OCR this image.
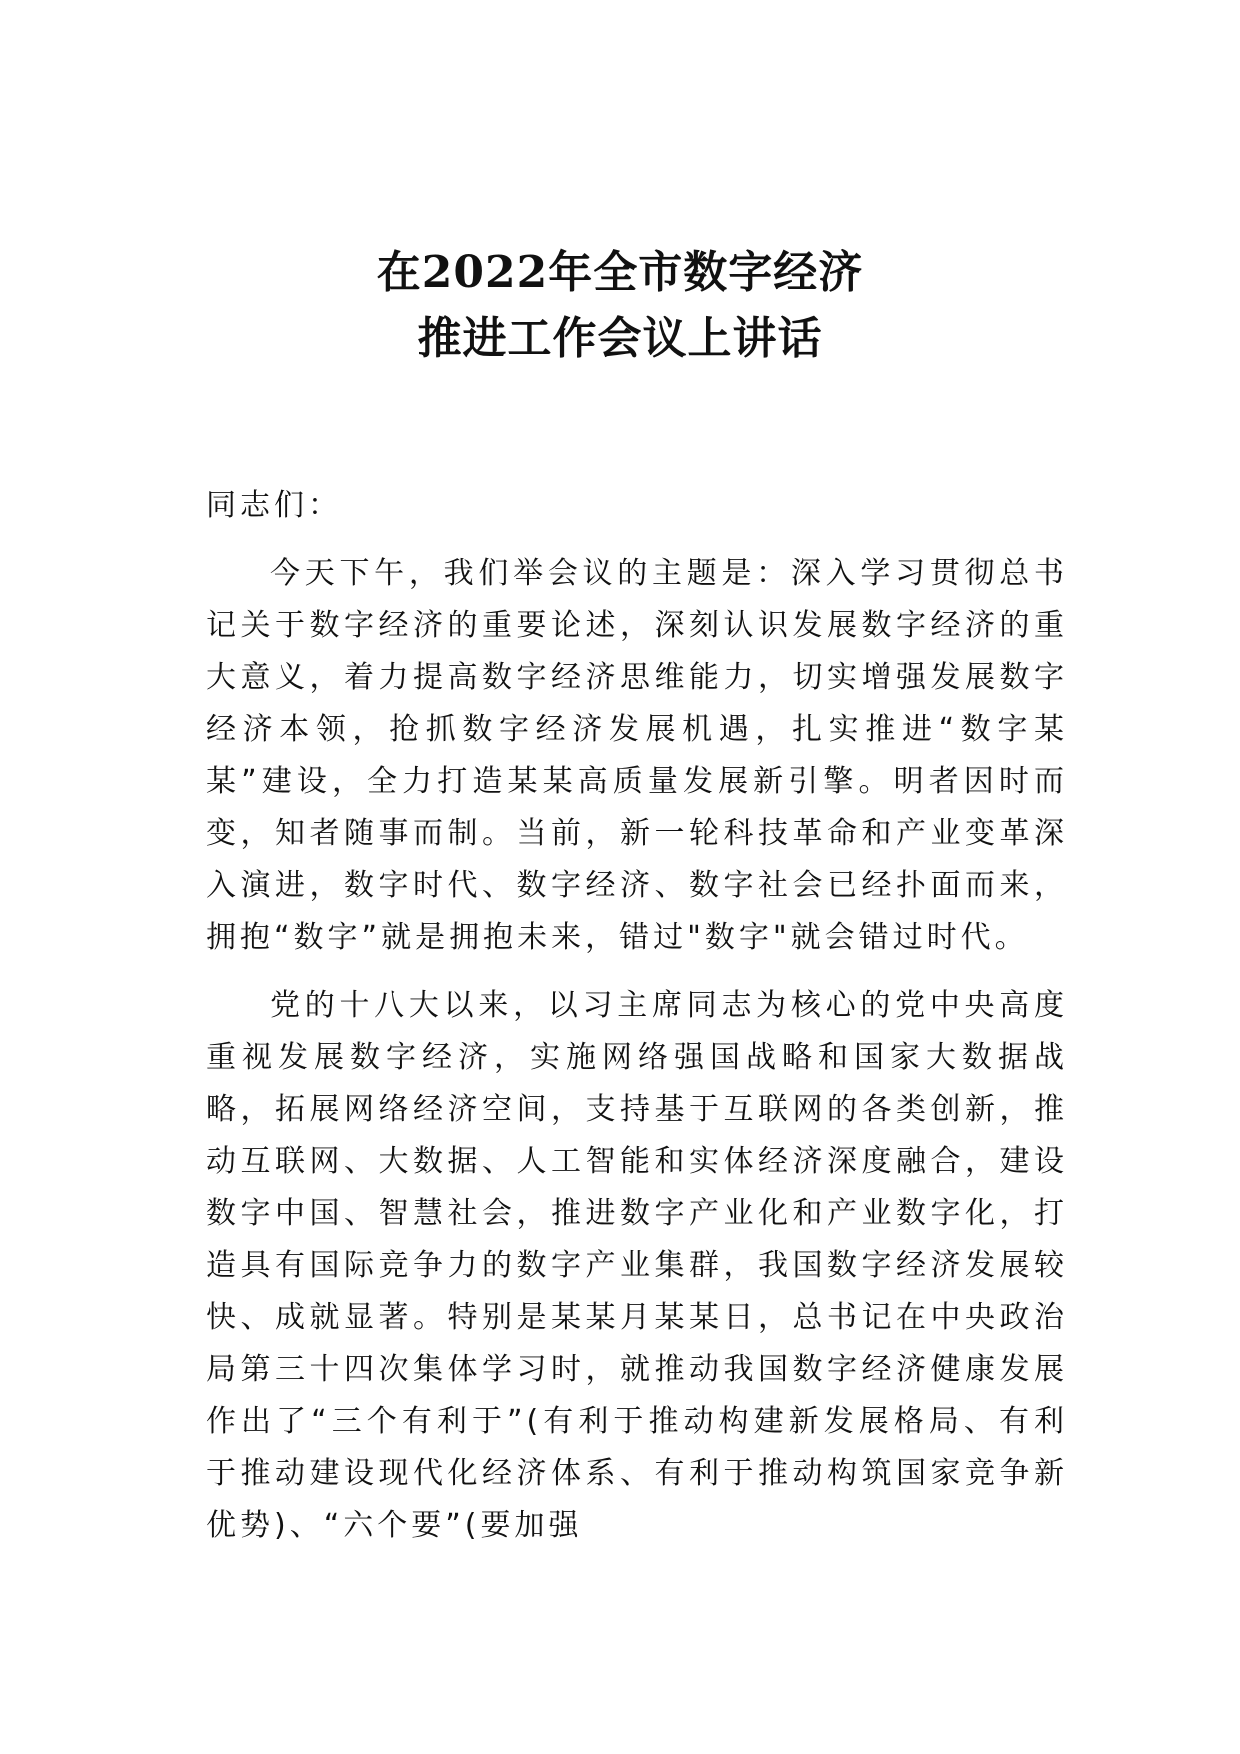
在2022年全市数字经济
推进工作会议上讲话

同志们：

今天下午，我们举会议的主题是：深入学习贯彻总书记关于数字经济的重要论述，深刻认识发展数字经济的重大意义，着力提高数字经济思维能力，切实增强发展数字经济本领，抢抓数字经济发展机遇，扎实推进“数字某某”建设，全力打造某某高质量发展新引擎。明者因时而变，知者随事而制。当前，新一轮科技革命和产业变革深入演进，数字时代、数字经济、数字社会已经扑面而来，拥抱“数字”就是拥抱未来，错过"数字"就会错过时代。

党的十八大以来，以习主席同志为核心的党中央高度重视发展数字经济，实施网络强国战略和国家大数据战略，拓展网络经济空间，支持基于互联网的各类创新，推动互联网、大数据、人工智能和实体经济深度融合，建设数字中国、智慧社会，推进数字产业化和产业数字化，打造具有国际竞争力的数字产业集群，我国数字经济发展较快、成就显著。特别是某某月某某日，总书记在中央政治局第三十四次集体学习时，就推动我国数字经济健康发展作出了“三个有利于”(有利于推动构建新发展格局、有利于推动建设现代化经济体系、有利于推动构筑国家竞争新优势)、“六个要”(要加强
